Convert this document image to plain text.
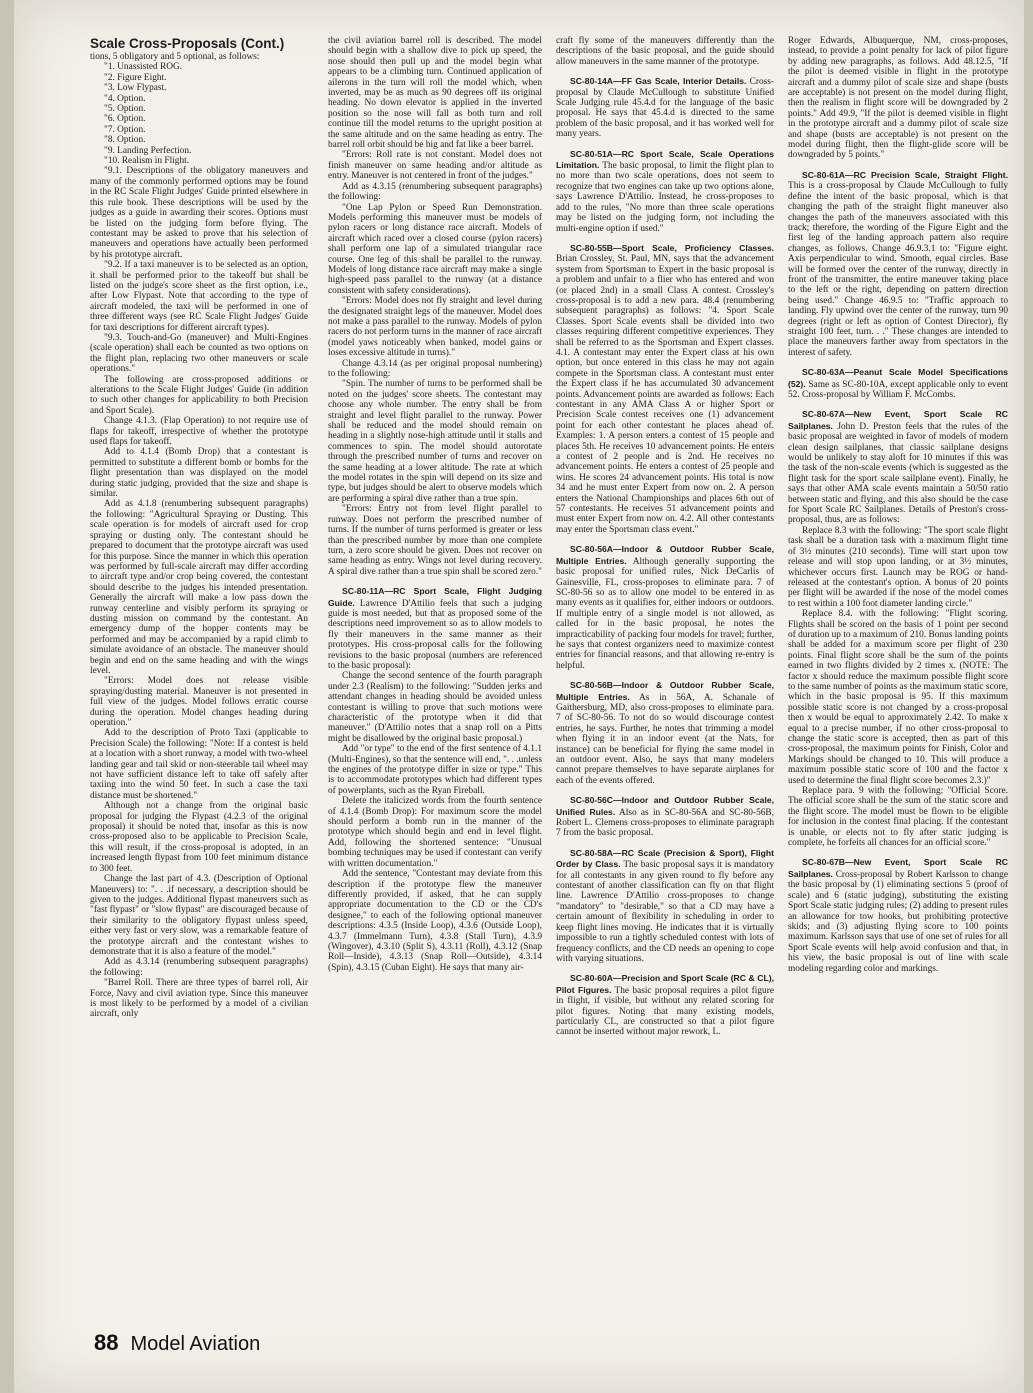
Scale Cross-Proposals (Cont.)

tions, 5 obligatory and 5 optional, as follows:

"1. Unassisted ROG.

"2. Figure Eight.

"3. Low Flypast.

"4. Option.

"5. Option.

"6. Option.

"7. Option.

"8. Option.

"9. Landing Perfection.

"10. Realism in Flight.

"9.1. Descriptions of the obligatory maneuvers and many of the commonly performed options may be found in the RC Scale Flight Judges' Guide printed elsewhere in this rule book. These descriptions will be used by the judges as a guide in awarding their scores. Options must be listed on the judging form before flying. The contestant may be asked to prove that his selection of maneuvers and operations have actually been performed by his prototype aircraft.

"9.2. If a taxi maneuver is to be selected as an option, it shall be performed prior to the takeoff but shall be listed on the judge's score sheet as the first option, i.e., after Low Flypast. Note that according to the type of aircraft modeled, the taxi will be performed in one of three different ways (see RC Scale Flight Judges' Guide for taxi descriptions for different aircraft types).

"9.3. Touch-and-Go (maneuver) and Multi-Engines (scale operation) shall each be counted as two options on the flight plan, replacing two other maneuvers or scale operations."

The following are cross-proposed additions or alterations to the Scale Flight Judges' Guide (in addition to such other changes for applicability to both Precision and Sport Scale).

Change 4.1.3. (Flap Operation) to not require use of flaps for takeoff, irrespective of whether the prototype used flaps for takeoff.

Add to 4.1.4 (Bomb Drop) that a contestant is permitted to substitute a different bomb or bombs for the flight presentation than was displayed on the model during static judging, provided that the size and shape is similar.

Add as 4.1.8 (renumbering subsequent paragraphs) the following: "Agricultural Spraying or Dusting. This scale operation is for models of aircraft used for crop spraying or dusting only. The contestant should be prepared to document that the prototype aircraft was used for this purpose. Since the manner in which this operation was performed by full-scale aircraft may differ according to aircraft type and/or crop being covered, the contestant should describe to the judges his intended presentation. Generally the aircraft will make a low pass down the runway centerline and visibly perform its spraying or dusting mission on command by the contestant. An emergency dump of the hopper contents may be performed and may be accompanied by a rapid climb to simulate avoidance of an obstacle. The maneuver should begin and end on the same heading and with the wings level.

"Errors: Model does not release visible spraying/dusting material. Maneuver is not presented in full view of the judges. Model follows erratic course during the operation. Model changes heading during operation."

Add to the description of Proto Taxi (applicable to Precision Scale) the following: "Note: If a contest is held at a location with a short runway, a model with two-wheel landing gear and tail skid or non-steerable tail wheel may not have sufficient distance left to take off safely after taxiing into the wind 50 feet. In such a case the taxi distance must be shortened."

Although not a change from the original basic proposal for judging the Flypast (4.2.3 of the original proposal) it should be noted that, insofar as this is now cross-proposed also to be applicable to Precision Scale, this will result, if the cross-proposal is adopted, in an increased length flypast from 100 feet minimum distance to 300 feet.

Change the last part of 4.3. (Description of Optional Maneuvers) to: ". . .if necessary, a description should be given to the judges. Additional flypast maneuvers such as "fast flypast" or "slow flypast" are discouraged because of their similarity to the obligatory flypast unless speed, either very fast or very slow, was a remarkable feature of the prototype aircraft and the contestant wishes to demonstrate that it is also a feature of the model."

Add as 4.3.14 (renumbering subsequent paragraphs) the following:

"Barrel Roll. There are three types of barrel roll, Air Force, Navy and civil aviation type. Since this maneuver is most likely to be performed by a model of a civilian aircraft, only

the civil aviation barrel roll is described. The model should begin with a shallow dive to pick up speed, the nose should then pull up and the model begin what appears to be a climbing turn. Continued application of ailerons in the turn will roll the model which, when inverted, may be as much as 90 degrees off its original heading. No down elevator is applied in the inverted position so the nose will fall as both turn and roll continue till the model returns to the upright position at the same altitude and on the same heading as entry. The barrel roll orbit should be big and fat like a beer barrel.

"Errors: Roll rate is not constant. Model does not finish maneuver on same heading and/or altitude as entry. Maneuver is not centered in front of the judges."

Add as 4.3.15 (renumbering subsequent paragraphs) the following:

"One Lap Pylon or Speed Run Demonstration. Models performing this maneuver must be models of pylon racers or long distance race aircraft. Models of aircraft which raced over a closed course (pylon racers) shall perform one lap of a simulated triangular race course. One leg of this shall be parallel to the runway. Models of long distance race aircraft may make a single high-speed pass parallel to the runway (at a distance consistent with safety considerations).

"Errors: Model does not fly straight and level during the designated straight legs of the maneuver. Model does not make a pass parallel to the runway. Models of pylon racers do not perform turns in the manner of race aircraft (model yaws noticeably when banked, model gains or loses excessive altitude in turns)."

Change 4.3.14 (as per original proposal numbering) to the following:

"Spin. The number of turns to be performed shall be noted on the judges' score sheets. The contestant may choose any whole number. The entry shall be from straight and level flight parallel to the runway. Power shall be reduced and the model should remain on heading in a slightly nose-high attitude until it stalls and commences to spin. The model should autorotate through the prescribed number of turns and recover on the same heading at a lower altitude. The rate at which the model rotates in the spin will depend on its size and type, but judges should be alert to observe models which are performing a spiral dive rather than a true spin.

"Errors: Entry not from level flight parallel to runway. Does not perform the prescribed number of turns. If the number of turns performed is greater or less than the prescribed number by more than one complete turn, a zero score should be given. Does not recover on same heading as entry. Wings not level during recovery. A spiral dive rather than a true spin shall be scored zero."

SC-80-11A—RC Sport Scale, Flight Judging Guide. Lawrence D'Attilio feels that such a judging guide is most needed, but that as proposed some of the descriptions need improvement so as to allow models to fly their maneuvers in the same manner as their prototypes. His cross-proposal calls for the following revisions to the basic proposal (numbers are referenced to the basic proposal):

Change the second sentence of the fourth paragraph under 2.3 (Realism) to the following: "Sudden jerks and attendant changes in heading should be avoided unless contestant is willing to prove that such motions were characteristic of the prototype when it did that maneuver." (D'Attilio notes that a snap roll on a Pitts might be disallowed by the original basic proposal.)

Add "or type" to the end of the first sentence of 4.1.1 (Multi-Engines), so that the sentence will end, ". . .unless the engines of the prototype differ in size or type." This is to accommodate prototypes which had different types of powerplants, such as the Ryan Fireball.

Delete the italicized words from the fourth sentence of 4.1.4 (Bomb Drop): For maximum score the model should perform a bomb run in the manner of the prototype which should begin and end in level flight. Add, following the shortened sentence: "Unusual bombing techniques may be used if contestant can verify with written documentation."

Add the sentence, "Contestant may deviate from this description if the prototype flew the maneuver differently provided, if asked, that he can supply appropriate documentation to the CD or the CD's designee," to each of the following optional maneuver descriptions: 4.3.5 (Inside Loop), 4.3.6 (Outside Loop), 4.3.7 (Immelmann Turn), 4.3.8 (Stall Turn), 4.3.9 (Wingover), 4.3.10 (Split S), 4.3.11 (Roll), 4.3.12 (Snap Roll—Inside), 4.3.13 (Snap Roll—Outside), 4.3.14 (Spin), 4.3.15 (Cuban Eight). He says that many air-

craft fly some of the maneuvers differently than the descriptions of the basic proposal, and the guide should allow maneuvers in the same manner of the prototype.

SC-80-14A—FF Gas Scale, Interior Details. Cross-proposal by Claude McCullough to substitute Unified Scale Judging rule 45.4.d for the language of the basic proposal. He says that 45.4.d is directed to the same problem of the basic proposal, and it has worked well for many years.

SC-80-51A—RC Sport Scale, Scale Operations Limitation. The basic proposal, to limit the flight plan to no more than two scale operations, does not seem to recognize that two engines can take up two options alone, says Lawrence D'Attilio. Instead, he cross-proposes to add to the rules, "No more than three scale operations may be listed on the judging form, not including the multi-engine option if used."

SC-80-55B—Sport Scale, Proficiency Classes. Brian Crossley, St. Paul, MN, says that the advancement system from Sportsman to Expert in the basic proposal is a problem and unfair to a flier who has entered and won (or placed 2nd) in a small Class A contest. Crossley's cross-proposal is to add a new para. 48.4 (renumbering subsequent paragraphs) as follows: "4. Sport Scale Classes. Sport Scale events shall be divided into two classes requiring different competitive experiences. They shall be referred to as the Sportsman and Expert classes. 4.1. A contestant may enter the Expert class at his own option, but once entered in this class he may not again compete in the Sportsman class. A contestant must enter the Expert class if he has accumulated 30 advancement points. Advancement points are awarded as follows: Each contestant in any AMA Class A or higher Sport or Precision Scale contest receives one (1) advancement point for each other contestant he places ahead of. Examples: 1. A person enters a contest of 15 people and places 5th. He receives 10 advancement points. He enters a contest of 2 people and is 2nd. He receives no advancement points. He enters a contest of 25 people and wins. He scores 24 advancement points. His total is now 34 and he must enter Expert from now on. 2. A person enters the National Championships and places 6th out of 57 contestants. He receives 51 advancement points and must enter Expert from now on. 4.2. All other contestants may enter the Sportsman class event."

SC-80-56A—Indoor & Outdoor Rubber Scale, Multiple Entries. Although generally supporting the basic proposal for unified rules, Nick DeCarlis of Gainesville, FL, cross-proposes to eliminate para. 7 of SC-80-56 so as to allow one model to be entered in as many events as it qualifies for, either indoors or outdoors. If multiple entry of a single model is not allowed, as called for in the basic proposal, he notes the impracticability of packing four models for travel; further, he says that contest organizers need to maximize contest entries for financial reasons, and that allowing re-entry is helpful.

SC-80-56B—Indoor & Outdoor Rubber Scale, Multiple Entries. As in 56A, A. Schanale of Gaithersburg, MD, also cross-proposes to eliminate para. 7 of SC-80-56. To not do so would discourage contest entries, he says. Further, he notes that trimming a model when flying it in an indoor event (at the Nats, for instance) can be beneficial for flying the same model in an outdoor event. Also, he says that many modelers cannot prepare themselves to have separate airplanes for each of the events offered.

SC-80-56C—Indoor and Outdoor Rubber Scale, Unified Rules. Also as in SC-80-56A and SC-80-56B, Robert L. Clemens cross-proposes to eliminate paragraph 7 from the basic proposal.

SC-80-58A—RC Scale (Precision & Sport), Flight Order by Class. The basic proposal says it is mandatory for all contestants in any given round to fly before any contestant of another classification can fly on that flight line. Lawrence D'Attilio cross-proposes to change "mandatory" to "desirable," so that a CD may have a certain amount of flexibility in scheduling in order to keep flight lines moving. He indicates that it is virtually impossible to run a tightly scheduled contest with lots of frequency conflicts, and the CD needs an opening to cope with varying situations.

SC-80-60A—Precision and Sport Scale (RC & CL), Pilot Figures. The basic proposal requires a pilot figure in flight, if visible, but without any related scoring for pilot figures. Noting that many existing models, particularly CL, are constructed so that a pilot figure cannot be inserted without major rework, L.

Roger Edwards, Albuquerque, NM, cross-proposes, instead, to provide a point penalty for lack of pilot figure by adding new paragraphs, as follows. Add 48.12.5, "If the pilot is deemed visible in flight in the prototype aircraft and a dummy pilot of scale size and shape (busts are acceptable) is not present on the model during flight, then the realism in flight score will be downgraded by 2 points." Add 49.9, "If the pilot is deemed visible in flight in the prototype aircraft and a dummy pilot of scale size and shape (busts are acceptable) is not present on the model during flight, then the flight-glide score will be downgraded by 5 points."

SC-80-61A—RC Precision Scale, Straight Flight. This is a cross-proposal by Claude McCullough to fully define the intent of the basic proposal, which is that changing the path of the straight flight maneuver also changes the path of the maneuvers associated with this track; therefore, the wording of the Figure Eight and the first leg of the landing approach pattern also require changes, as follows. Change 46.9.3.1 to: "Figure eight. Axis perpendicular to wind. Smooth, equal circles. Base will be formed over the center of the runway, directly in front of the transmitter, the entire maneuver taking place to the left or the right, depending on pattern direction being used." Change 46.9.5 to: "Traffic approach to landing. Fly upwind over the center of the runway, turn 90 degrees (right or left as option of Contest Director), fly straight 100 feet, turn. . ." These changes are intended to place the maneuvers farther away from spectators in the interest of safety.

SC-80-63A—Peanut Scale Model Specifications (52). Same as SC-80-10A, except applicable only to event 52. Cross-proposal by William F. McCombs.

SC-80-67A—New Event, Sport Scale RC Sailplanes. John D. Preston feels that the rules of the basic proposal are weighted in favor of models of modern clean design sailplanes, that classic sailplane designs would be unlikely to stay aloft for 10 minutes if this was the task of the non-scale events (which is suggested as the flight task for the sport scale sailplane event). Finally, he says that other AMA scale events maintain a 50/50 ratio between static and flying, and this also should be the case for Sport Scale RC Sailplanes. Details of Preston's cross-proposal, thus, are as follows:

Replace 8.3 with the following: "The sport scale flight task shall be a duration task with a maximum flight time of 3½ minutes (210 seconds). Time will start upon tow release and will stop upon landing, or at 3½ minutes, whichever occurs first. Launch may be ROG or hand-released at the contestant's option. A bonus of 20 points per flight will be awarded if the nose of the model comes to rest within a 100 foot diameter landing circle."

Replace 8.4. with the following: "Flight scoring. Flights shall be scored on the basis of 1 point per second of duration up to a maximum of 210. Bonus landing points shall be added for a maximum score per flight of 230 points. Final flight score shall be the sum of the points earned in two flights divided by 2 times x. (NOTE: The factor x should reduce the maximum possible flight score to the same number of points as the maximum static score, which in the basic proposal is 95. If this maximum possible static score is not changed by a cross-proposal then x would be equal to approximately 2.42. To make x equal to a precise number, if no other cross-proposal to change the static score is accepted, then as part of this cross-proposal, the maximum points for Finish, Color and Markings should be changed to 10. This will produce a maximum possible static score of 100 and the factor x used to determine the final flight score becomes 2.3.)"

Replace para. 9 with the following: "Official Score. The official score shall be the sum of the static score and the flight score. The model must be flown to be eligible for inclusion in the contest final placing. If the contestant is unable, or elects not to fly after static judging is complete, he forfeits all chances for an official score."

SC-80-67B—New Event, Sport Scale RC Sailplanes. Cross-proposal by Robert Karlsson to change the basic proposal by (1) eliminating sections 5 (proof of scale) and 6 (static judging), substituting the existing Sport Scale static judging rules; (2) adding to present rules an allowance for tow hooks, but prohibiting protective skids; and (3) adjusting flying score to 100 points maximum. Karlsson says that use of one set of rules for all Sport Scale events will help avoid confusion and that, in his view, the basic proposal is out of line with scale modeling regarding color and markings.

88 Model Aviation
